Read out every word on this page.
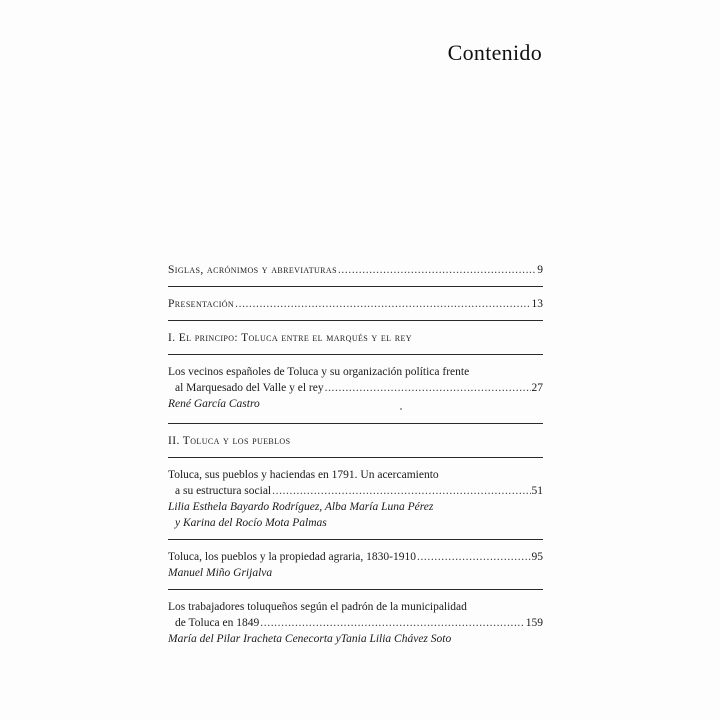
Contenido
Siglas, acrónimos y abreviaturas .....	9
Presentación .....	13
I. El principo: Toluca entre el marqués y el rey
Los vecinos españoles de Toluca y su organización política frente
al Marquesado del Valle y el rey .....	27
René García Castro
II. Toluca y los pueblos
Toluca, sus pueblos y haciendas en 1791. Un acercamiento
a su estructura social .....	51
Lilia Esthela Bayardo Rodríguez, Alba María Luna Pérez
y Karina del Rocío Mota Palmas
Toluca, los pueblos y la propiedad agraria, 1830-1910 .....	95
Manuel Miño Grijalva
Los trabajadores toluqueños según el padrón de la municipalidad
de Toluca en 1849 .....	159
María del Pilar Iracheta Cenecorta yTania Lilia Chávez Soto
